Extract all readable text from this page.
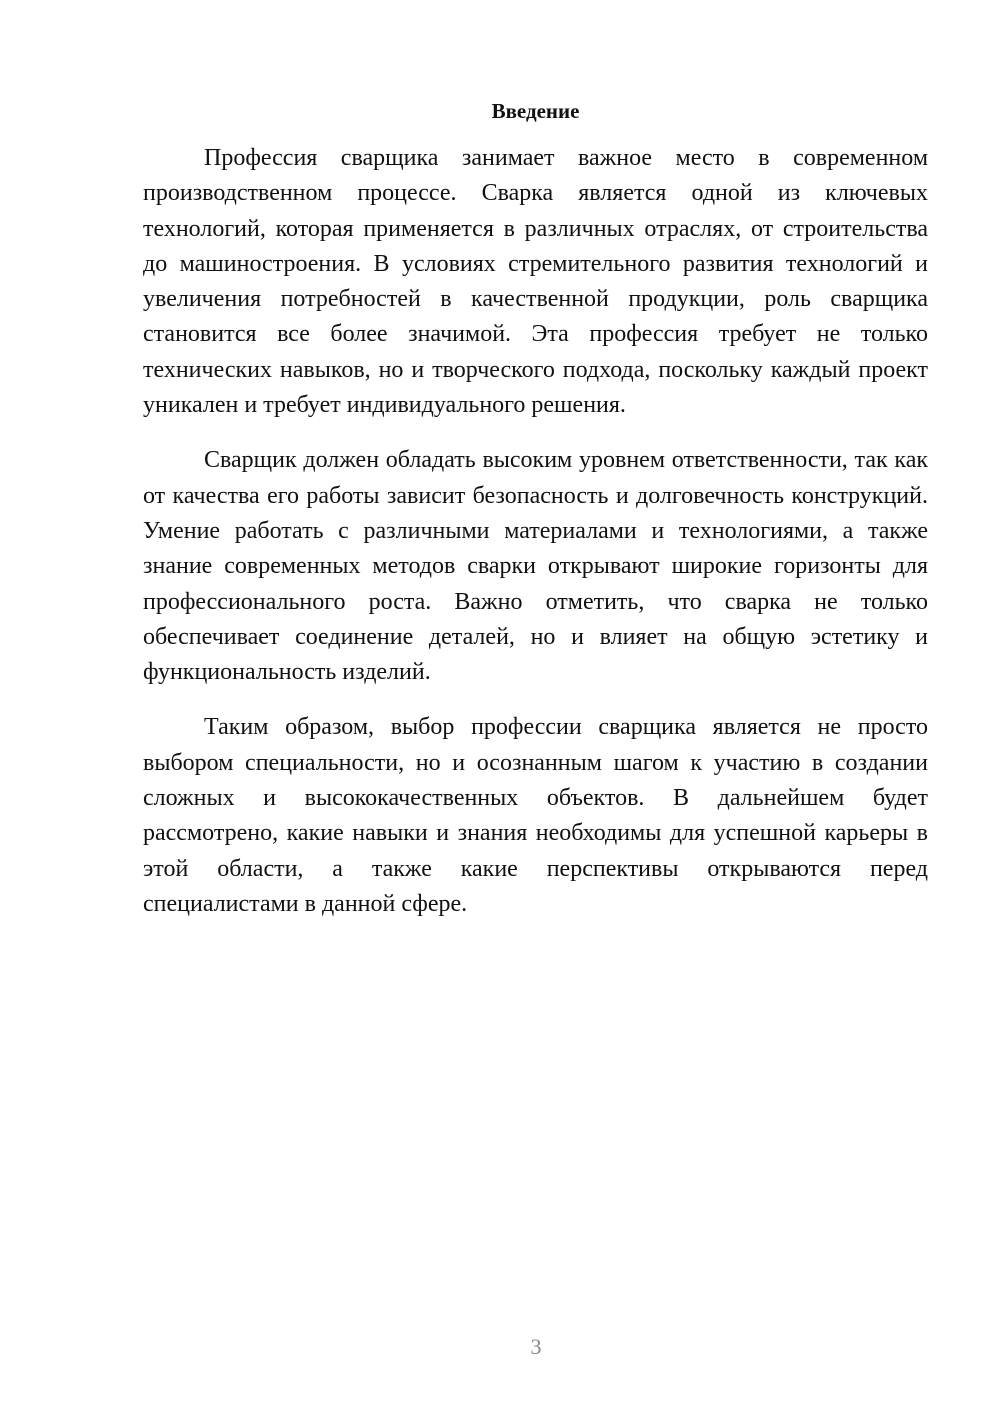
Введение

Профессия сварщика занимает важное место в современном производственном процессе. Сварка является одной из ключевых технологий, которая применяется в различных отраслях, от строительства до машиностроения. В условиях стремительного развития технологий и увеличения потребностей в качественной продукции, роль сварщика становится все более значимой. Эта профессия требует не только технических навыков, но и творческого подхода, поскольку каждый проект уникален и требует индивидуального решения.

Сварщик должен обладать высоким уровнем ответственности, так как от качества его работы зависит безопасность и долговечность конструкций. Умение работать с различными материалами и технологиями, а также знание современных методов сварки открывают широкие горизонты для профессионального роста. Важно отметить, что сварка не только обеспечивает соединение деталей, но и влияет на общую эстетику и функциональность изделий.

Таким образом, выбор профессии сварщика является не просто выбором специальности, но и осознанным шагом к участию в создании сложных и высококачественных объектов. В дальнейшем будет рассмотрено, какие навыки и знания необходимы для успешной карьеры в этой области, а также какие перспективы открываются перед специалистами в данной сфере.

3
